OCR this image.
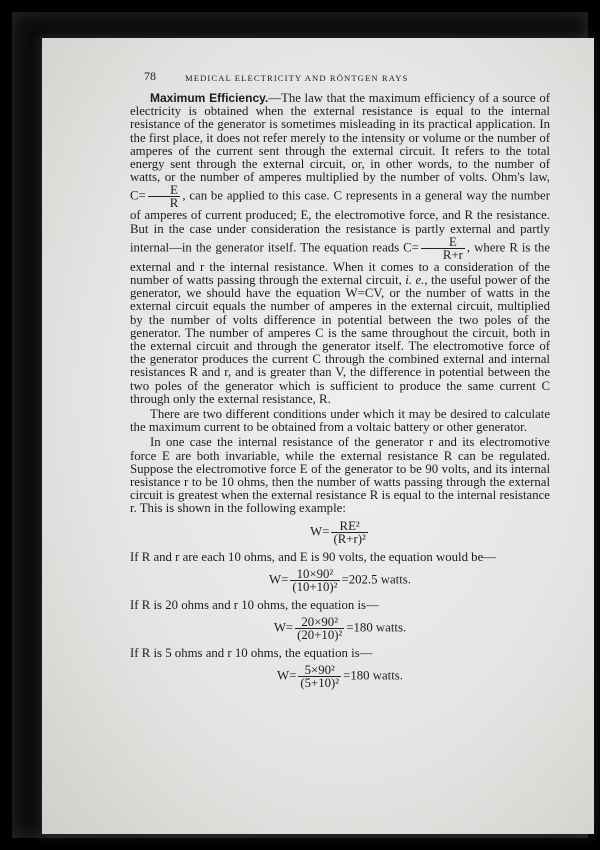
78	MEDICAL ELECTRICITY AND RÖNTGEN RAYS

Maximum Efficiency.—The law that the maximum efficiency of a source of electricity is obtained when the external resistance is equal to the internal resistance of the generator is sometimes misleading in its practical application. In the first place, it does not refer merely to the intensity or volume or the number of amperes of the current sent through the external circuit. It refers to the total energy sent through the external circuit, or, in other words, to the number of watts, or the number of amperes multiplied by the number of volts. Ohm's law, $C= \frac{E}{R}$ , can be applied to this case. C represents in a general way the number of amperes of current produced; E, the electromotive force, and R the resistance. But in the case under consideration the resistance is partly external and partly internal—in the generator itself. The equation reads $C= \frac{E}{R+r}$ , where R is the external and r the internal resistance. When it comes to a consideration of the number of watts passing through the external circuit, i. e., the useful power of the generator, we should have the equation W=CV, or the number of watts in the external circuit equals the number of amperes in the external circuit, multiplied by the number of volts difference in potential between the two poles of the generator. The number of amperes C is the same throughout the circuit, both in the external circuit and through the generator itself. The electromotive force of the generator produces the current C through the combined external and internal resistances R and r, and is greater than V, the difference in potential between the two poles of the generator which is sufficient to produce the same current C through only the external resistance, R.

There are two different conditions under which it may be desired to calculate the maximum current to be obtained from a voltaic battery or other generator.

In one case the internal resistance of the generator r and its electromotive force E are both invariable, while the external resistance R can be regulated. Suppose the electromotive force E of the generator to be 90 volts, and its internal resistance r to be 10 ohms, then the number of watts passing through the external circuit is greatest when the external resistance R is equal to the internal resistance r. This is shown in the following example:

$W= \frac{\text{RE²}}{\text{(R+r)²}}$

If R and r are each 10 ohms, and E is 90 volts, the equation would be—

$W= \frac{\text{10×90²}}{\text{(10+10)²}} =202.5$ watts.

If R is 20 ohms and r 10 ohms, the equation is—

$W= \frac{\text{20×90²}}{\text{(20+10)²}} =180$ watts.

If R is 5 ohms and r 10 ohms, the equation is—

$W= \frac{\text{5×90²}}{\text{(5+10)²}} =180$ watts.
